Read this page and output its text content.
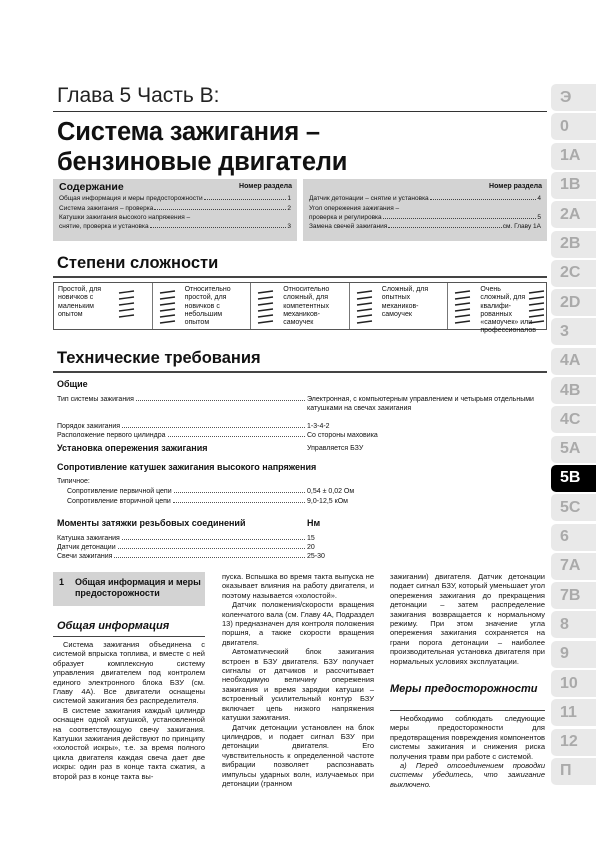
Глава 5 Часть B:
Система зажигания –
бензиновые двигатели
Содержание	Номер раздела
Общая информация и меры предосторожности	1
Система зажигания – проверка	2
Катушки зажигания высокого напряжения –
снятие, проверка и установка	3
Номер раздела
Датчик детонации – снятие и установка	4
Угол опережения зажигания –
проверка и регулировка	5
Замена свечей зажигания	см. Главу 1А
Степени сложности
Простой, для новичков с маленьким опытом
Относительно простой, для новичков с небольшим опытом
Относительно сложный, для компетентных механиков-самоучек
Сложный, для опытных механиков-самоучек
Очень сложный, для квалифи-рованных «самоучек» или профессионалов
Технические требования
Общие
Тип системы зажигания	Электронная, с компьютерным управлением и четырьмя отдельными катушками на свечах зажигания
Порядок зажигания	1-3-4-2
Расположение первого цилиндра	Со стороны маховика
Установка опережения зажигания	Управляется БЗУ
Сопротивление катушек зажигания высокого напряжения
Типичное:
Сопротивление первичной цепи	0,54 ± 0,02 Ом
Сопротивление вторичной цепи	9,0-12,5 кОм
Моменты затяжки резьбовых соединений	Нм
Катушка зажигания	15
Датчик детонации	20
Свечи зажигания	25-30
1 Общая информация и меры предосторожности
Общая информация

Система зажигания объединена с системой впрыска топлива, и вместе с ней образует комплексную систему управления двигателем под контролем единого электронного блока БЗУ (см. Главу 4А). Все двигатели оснащены системой зажигания без распределителя.

В системе зажигания каждый цилиндр оснащен одной катушкой, установленной на соответствующую свечу зажигания. Катушки зажигания действуют по принципу «холостой искры», т.е. за время полного цикла двигателя каждая свеча дает две искры: один раз в конце такта сжатия, а второй раз в конце такта вы-

пуска. Вспышка во время такта выпуска не оказывает влияния на работу двигателя, и поэтому называется «холостой».

Датчик положения/скорости вращения коленчатого вала (см. Главу 4А, Подраздел 13) предназначен для контроля положения поршня, а также скорости вращения двигателя.

Автоматический блок зажигания встроен в БЗУ двигателя. БЗУ получает сигналы от датчиков и рассчитывает необходимую величину опережения зажигания и время зарядки катушки – встроенный усилительный контур БЗУ включает цепь низкого напряжения катушки зажигания.

Датчик детонации установлен на блок цилиндров, и подает сигнал БЗУ при детонации двигателя. Его чувствительность к определенной частоте вибрации позволяет распознавать импульсы ударных волн, излучаемых при детонации (гранном

зажигании) двигателя. Датчик детонации подает сигнал БЗУ, который уменьшает угол опережения зажигания до прекращения детонации – затем распределение зажигания возвращается к нормальному режиму. При этом значение угла опережения зажигания сохраняется на грани порога детонации – наиболее производительная установка двигателя при нормальных условиях эксплуатации.

Меры предосторожности

Необходимо соблюдать следующие меры предосторожности для предотвращения повреждения компонентов системы зажигания и снижения риска получения травм при работе с системой.

а) Перед отсоединением проводки системы убедитесь, что зажигание выключено.

Э
0
1A
1B
2A
2B
2C
2D
3
4A
4B
4C
5A
5B
5C
6
7A
7B
8
9
10
11
12
П
